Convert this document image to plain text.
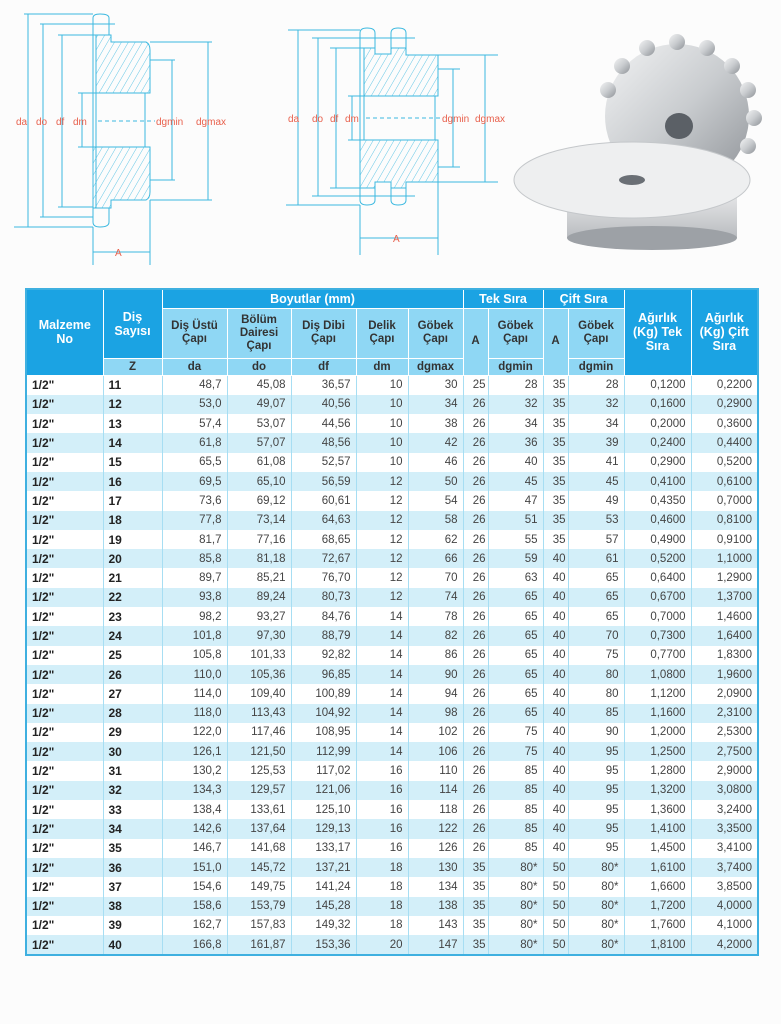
da do df dm	dgmin dgmax
A
da do df dm	dgmin dgmax
A
Malzeme No	Diş Sayısı	Boyutlar (mm)					Tek Sıra		Çift Sıra		Ağırlık (Kg) Tek Sıra	Ağırlık (Kg) Çift Sıra
		Diş Üstü Çapı	Bölüm Dairesi Çapı	Diş Dibi Çapı	Delik Çapı	Göbek Çapı	A	Göbek Çapı	A	Göbek Çapı		
	Z	da	do	df	dm	dgmax		dgmin		dgmin		
1/2"	11	48,7	45,08	36,57	10	30	25	28	35	28	0,1200	0,2200
1/2"	12	53,0	49,07	40,56	10	34	26	32	35	32	0,1600	0,2900
1/2"	13	57,4	53,07	44,56	10	38	26	34	35	34	0,2000	0,3600
1/2"	14	61,8	57,07	48,56	10	42	26	36	35	39	0,2400	0,4400
1/2"	15	65,5	61,08	52,57	10	46	26	40	35	41	0,2900	0,5200
1/2"	16	69,5	65,10	56,59	12	50	26	45	35	45	0,4100	0,6100
1/2"	17	73,6	69,12	60,61	12	54	26	47	35	49	0,4350	0,7000
1/2"	18	77,8	73,14	64,63	12	58	26	51	35	53	0,4600	0,8100
1/2"	19	81,7	77,16	68,65	12	62	26	55	35	57	0,4900	0,9100
1/2"	20	85,8	81,18	72,67	12	66	26	59	40	61	0,5200	1,1000
1/2"	21	89,7	85,21	76,70	12	70	26	63	40	65	0,6400	1,2900
1/2"	22	93,8	89,24	80,73	12	74	26	65	40	65	0,6700	1,3700
1/2"	23	98,2	93,27	84,76	14	78	26	65	40	65	0,7000	1,4600
1/2"	24	101,8	97,30	88,79	14	82	26	65	40	70	0,7300	1,6400
1/2"	25	105,8	101,33	92,82	14	86	26	65	40	75	0,7700	1,8300
1/2"	26	110,0	105,36	96,85	14	90	26	65	40	80	1,0800	1,9600
1/2"	27	114,0	109,40	100,89	14	94	26	65	40	80	1,1200	2,0900
1/2"	28	118,0	113,43	104,92	14	98	26	65	40	85	1,1600	2,3100
1/2"	29	122,0	117,46	108,95	14	102	26	75	40	90	1,2000	2,5300
1/2"	30	126,1	121,50	112,99	14	106	26	75	40	95	1,2500	2,7500
1/2"	31	130,2	125,53	117,02	16	110	26	85	40	95	1,2800	2,9000
1/2"	32	134,3	129,57	121,06	16	114	26	85	40	95	1,3200	3,0800
1/2"	33	138,4	133,61	125,10	16	118	26	85	40	95	1,3600	3,2400
1/2"	34	142,6	137,64	129,13	16	122	26	85	40	95	1,4100	3,3500
1/2"	35	146,7	141,68	133,17	16	126	26	85	40	95	1,4500	3,4100
1/2"	36	151,0	145,72	137,21	18	130	35	80*	50	80*	1,6100	3,7400
1/2"	37	154,6	149,75	141,24	18	134	35	80*	50	80*	1,6600	3,8500
1/2"	38	158,6	153,79	145,28	18	138	35	80*	50	80*	1,7200	4,0000
1/2"	39	162,7	157,83	149,32	18	143	35	80*	50	80*	1,7600	4,1000
1/2"	40	166,8	161,87	153,36	20	147	35	80*	50	80*	1,8100	4,2000
